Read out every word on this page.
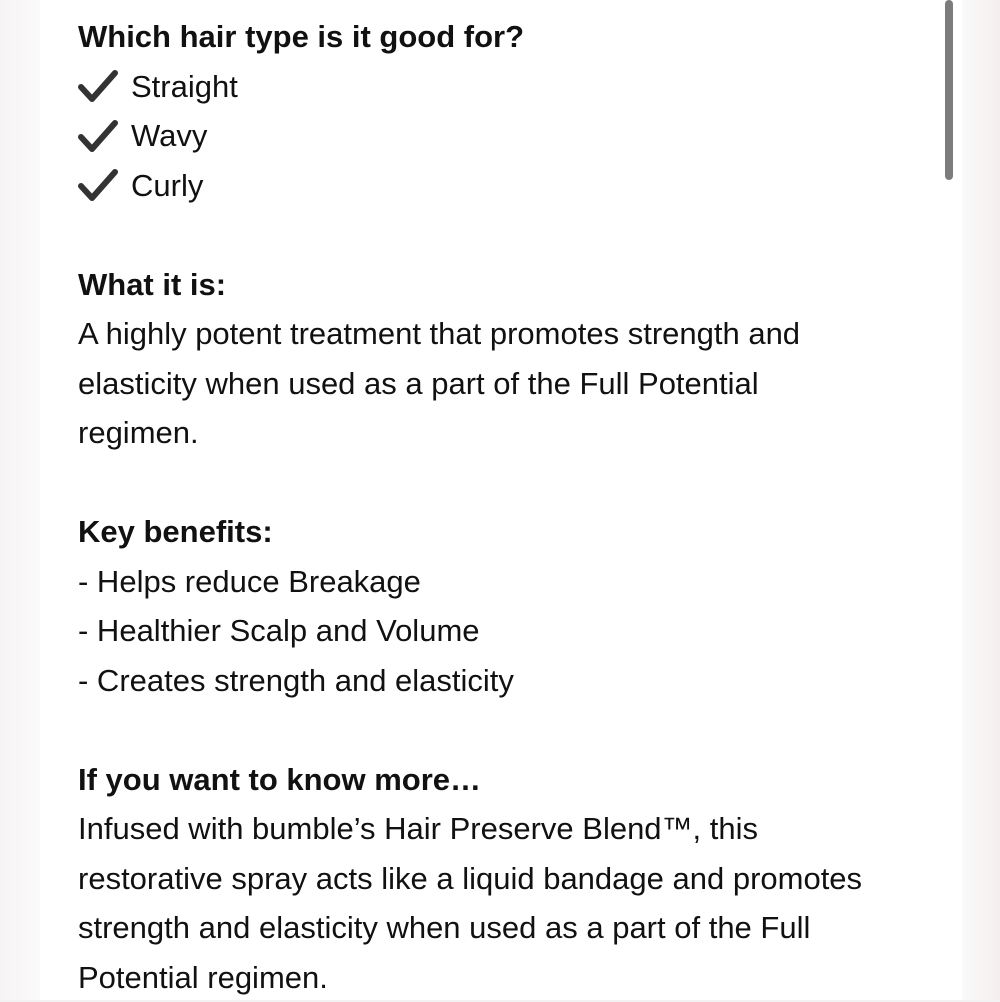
Which hair type is it good for?
Straight
Wavy
Curly
What it is:
A highly potent treatment that promotes strength and
elasticity when used as a part of the Full Potential
regimen.
Key benefits:
- Helps reduce Breakage
- Healthier Scalp and Volume
- Creates strength and elasticity
If you want to know more…
Infused with bumble’s Hair Preserve Blend™, this
restorative spray acts like a liquid bandage and promotes
strength and elasticity when used as a part of the Full
Potential regimen.
